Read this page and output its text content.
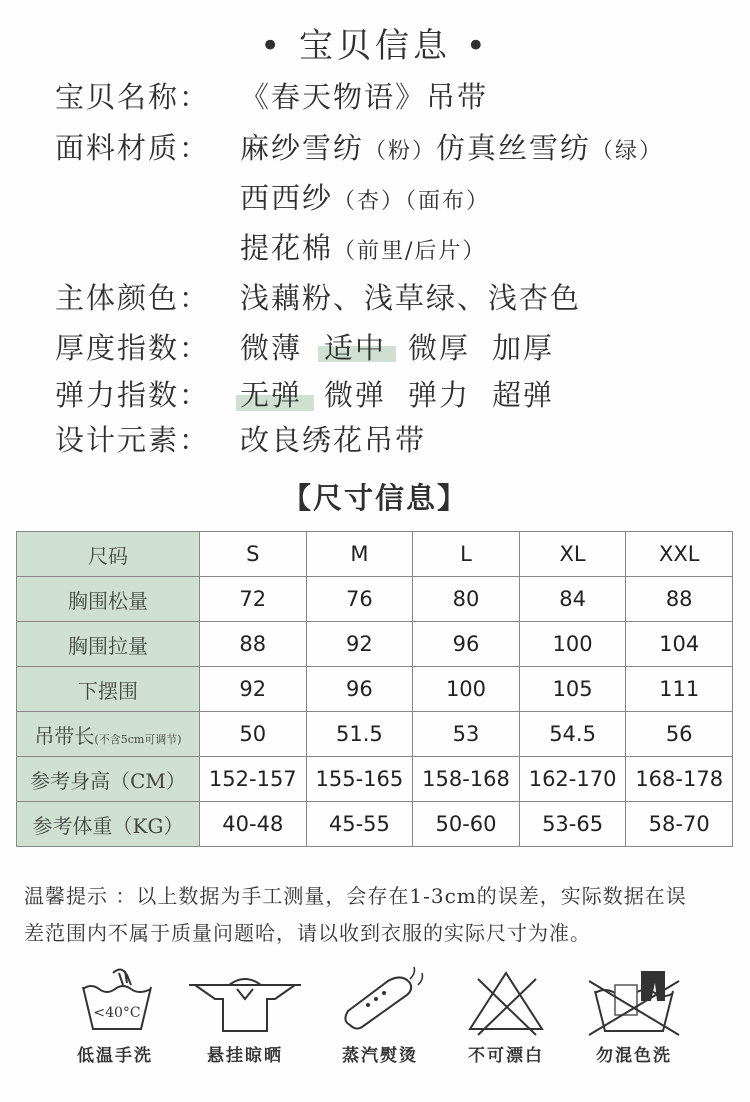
• 宝贝信息 •
宝贝名称： 《春天物语》吊带
面料材质： 麻纱雪纺（粉）仿真丝雪纺（绿）
西西纱（杏）（面布）
提花棉（前里/后片）
主体颜色： 浅藕粉、浅草绿、浅杏色
厚度指数： 微薄 适中 微厚 加厚
弹力指数： 无弹 微弹 弹力 超弹
设计元素： 改良绣花吊带
【尺寸信息】
尺码	S	M	L	XL	XXL
胸围松量	72	76	80	84	88
胸围拉量	88	92	96	100	104
下摆围	92	96	100	105	111
吊带长(不含5cm可调节)	50	51.5	53	54.5	56
参考身高（CM）	152-157	155-165	158-168	162-170	168-178
参考体重（KG）	40-48	45-55	50-60	53-65	58-70
温馨提示 ：以上数据为手工测量，会存在1-3cm的误差，实际数据在误
差范围内不属于质量问题哈，请以收到衣服的实际尺寸为准。
<40°C
低温手洗	悬挂晾晒	蒸汽熨烫	不可漂白	勿混色洗
